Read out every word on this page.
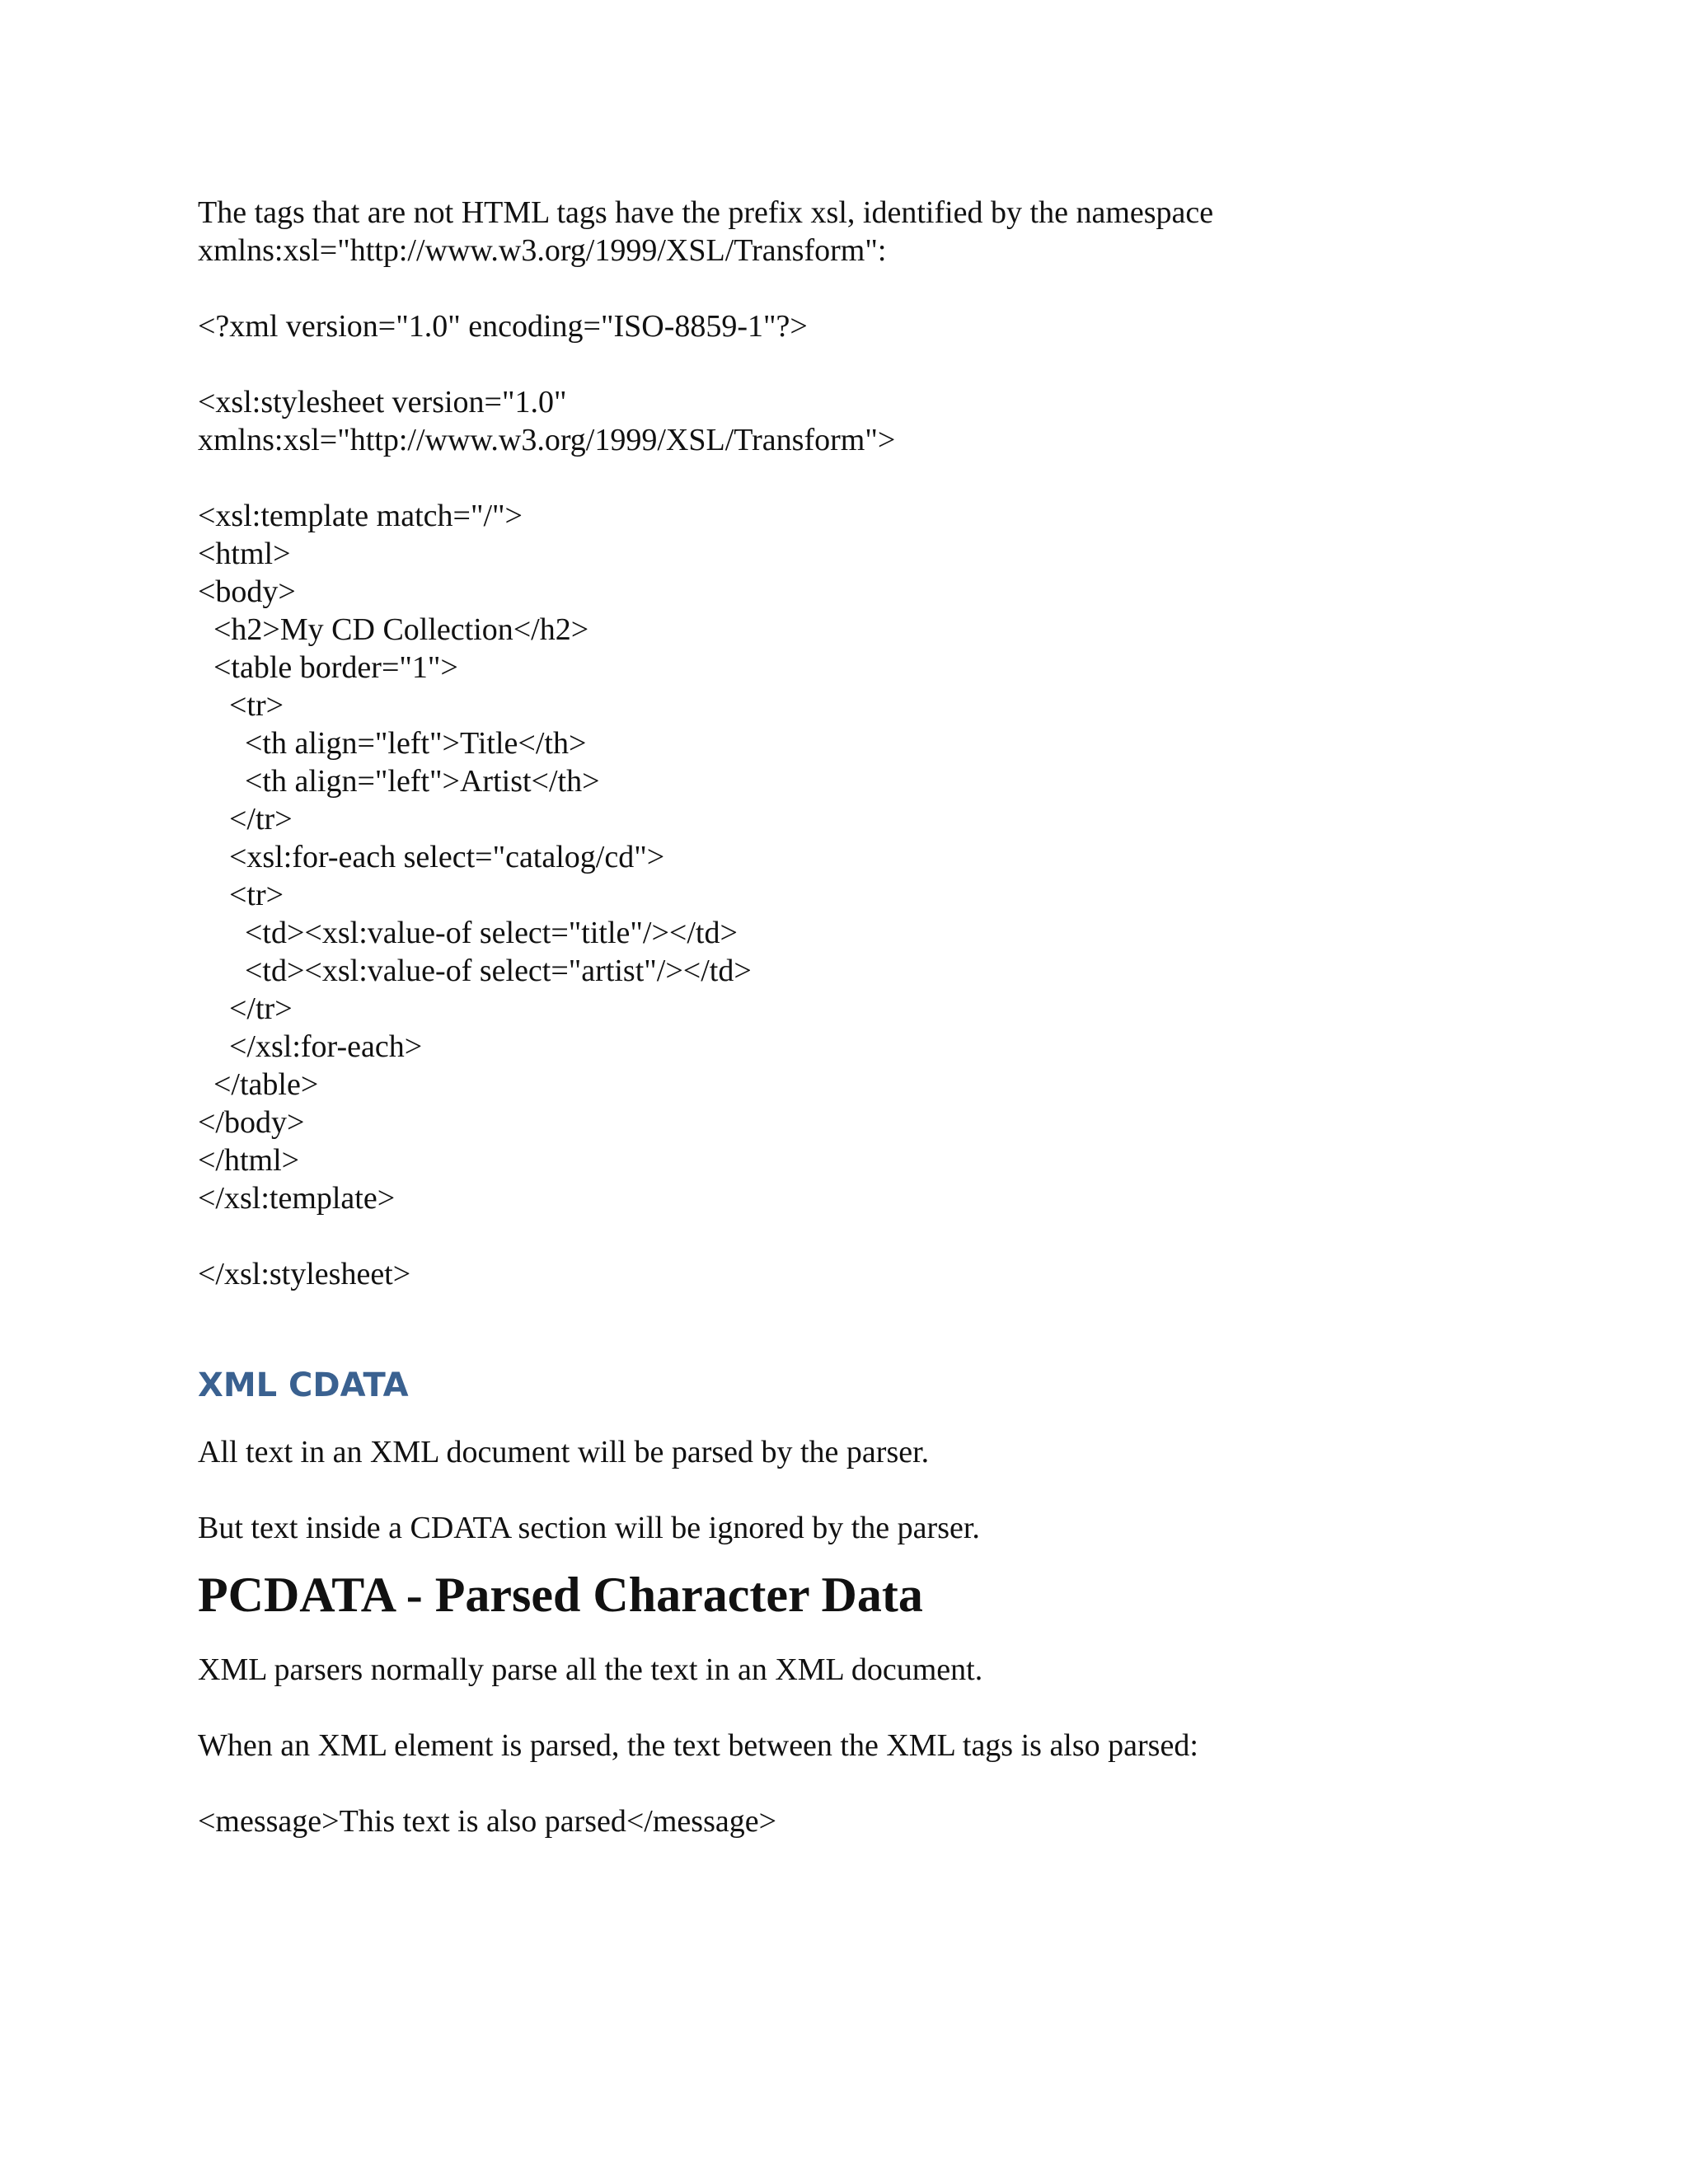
The tags that are not HTML tags have the prefix xsl, identified by the namespace

xmlns:xsl="http://www.w3.org/1999/XSL/Transform":

<?xml version="1.0" encoding="ISO-8859-1"?>

<xsl:stylesheet version="1.0"

xmlns:xsl="http://www.w3.org/1999/XSL/Transform">

<xsl:template match="/">

<html>

<body>

<h2>My CD Collection</h2>

<table border="1">

<tr>

<th align="left">Title</th>

<th align="left">Artist</th>

</tr>

<xsl:for-each select="catalog/cd">

<tr>

<td><xsl:value-of select="title"/></td>

<td><xsl:value-of select="artist"/></td>

</tr>

</xsl:for-each>

</table>

</body>

</html>

</xsl:template>

</xsl:stylesheet>

XML CDATA

All text in an XML document will be parsed by the parser.

But text inside a CDATA section will be ignored by the parser.

PCDATA - Parsed Character Data

XML parsers normally parse all the text in an XML document.

When an XML element is parsed, the text between the XML tags is also parsed:

<message>This text is also parsed</message>
